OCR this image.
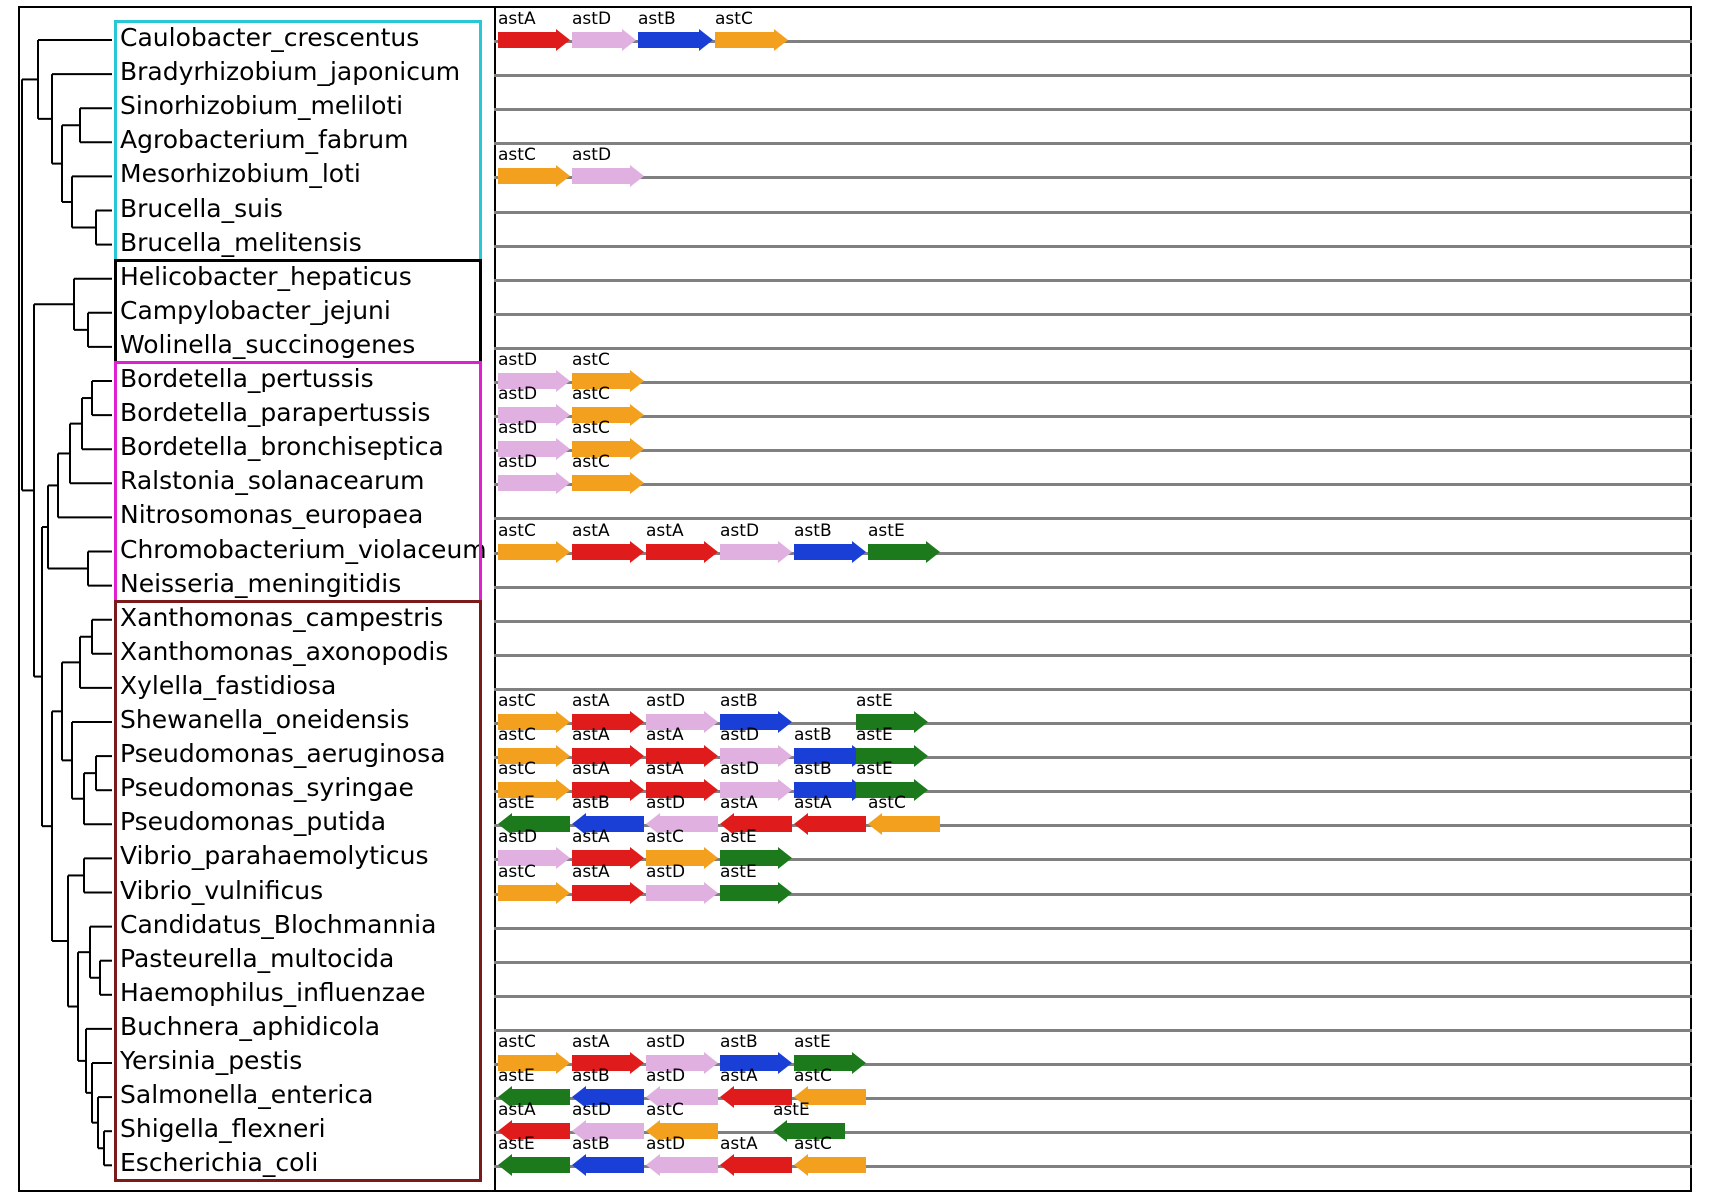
Caulobacter_crescentus
Bradyrhizobium_japonicum
Sinorhizobium_meliloti
Agrobacterium_fabrum
Mesorhizobium_loti
Brucella_suis
Brucella_melitensis
Helicobacter_hepaticus
Campylobacter_jejuni
Wolinella_succinogenes
Bordetella_pertussis
Bordetella_parapertussis
Bordetella_bronchiseptica
Ralstonia_solanacearum
Nitrosomonas_europaea
Chromobacterium_violaceum
Neisseria_meningitidis
Xanthomonas_campestris
Xanthomonas_axonopodis
Xylella_fastidiosa
Shewanella_oneidensis
Pseudomonas_aeruginosa
Pseudomonas_syringae
Pseudomonas_putida
Vibrio_parahaemolyticus
Vibrio_vulnificus
Candidatus_Blochmannia
Pasteurella_multocida
Haemophilus_influenzae
Buchnera_aphidicola
Yersinia_pestis
Salmonella_enterica
Shigella_flexneri
Escherichia_coli
astA astD astB astC
astC astD
astD astC
astD astC
astD astC
astD astC
astC astA astA astD astB astE
astC astA astD astB	astE
astC astA astA astD astB astE
astC astA astA astD astB astE
astE astB astD astA astA astC
astD astA astC astE
astC astA astD astE
astC astA astD astB astE
astE astB astD astA astC
astA astD astC	astE
astE astB astD astA astC
